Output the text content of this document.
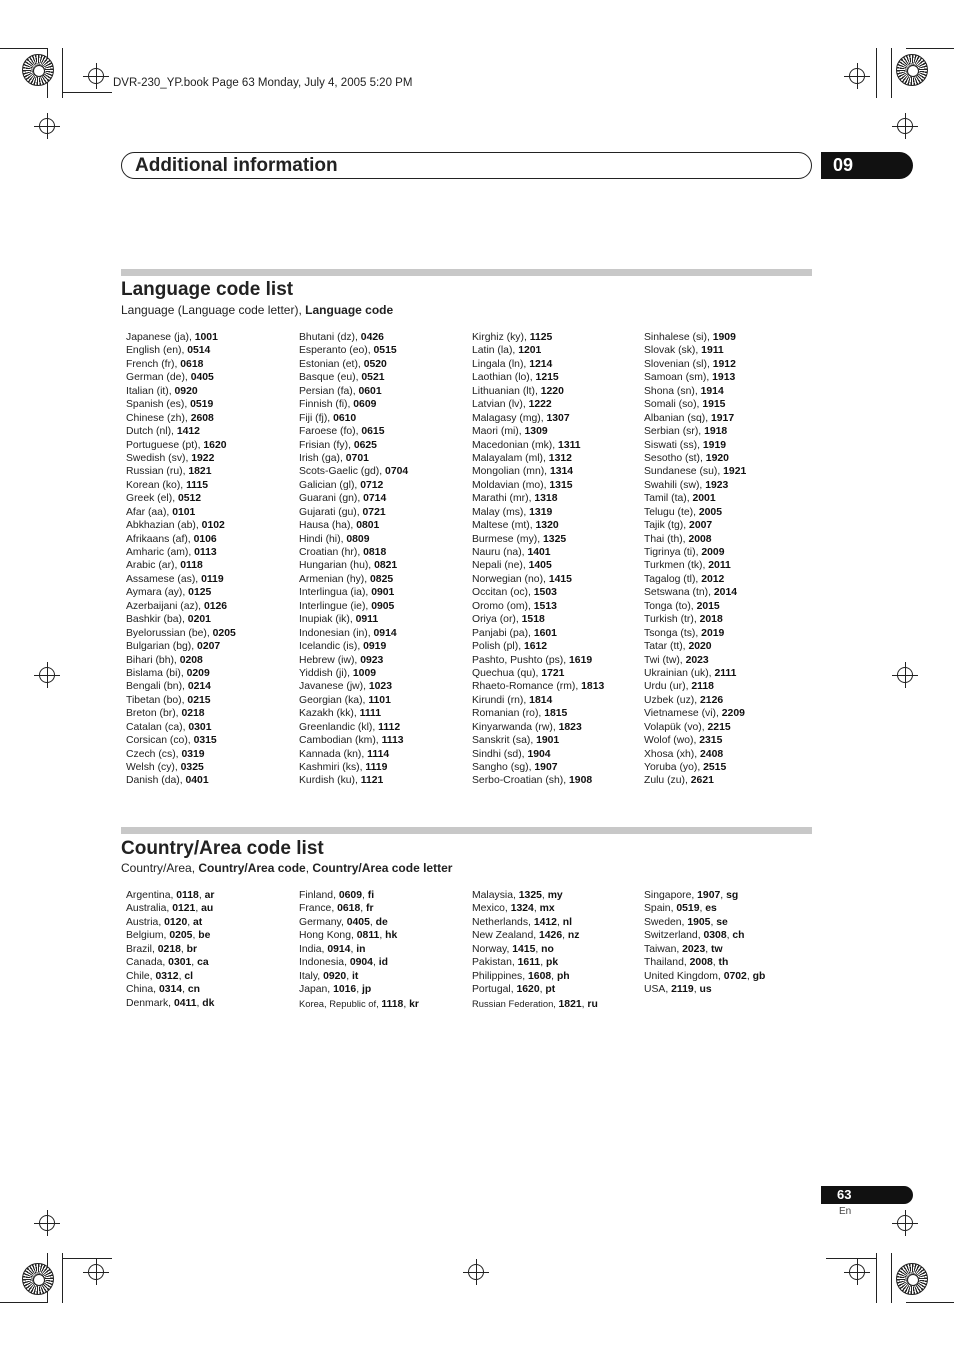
DVR-230_YP.book Page 63 Monday, July 4, 2005 5:20 PM
Additional information	09
Language code list
Language (Language code letter), Language code
Japanese (ja), 1001
English (en), 0514
French (fr), 0618
German (de), 0405
Italian (it), 0920
Spanish (es), 0519
Chinese (zh), 2608
Dutch (nl), 1412
Portuguese (pt), 1620
Swedish (sv), 1922
Russian (ru), 1821
Korean (ko), 1115
Greek (el), 0512
Afar (aa), 0101
Abkhazian (ab), 0102
Afrikaans (af), 0106
Amharic (am), 0113
Arabic (ar), 0118
Assamese (as), 0119
Aymara (ay), 0125
Azerbaijani (az), 0126
Bashkir (ba), 0201
Byelorussian (be), 0205
Bulgarian (bg), 0207
Bihari (bh), 0208
Bislama (bi), 0209
Bengali (bn), 0214
Tibetan (bo), 0215
Breton (br), 0218
Catalan (ca), 0301
Corsican (co), 0315
Czech (cs), 0319
Welsh (cy), 0325
Danish (da), 0401
Bhutani (dz), 0426
Esperanto (eo), 0515
Estonian (et), 0520
Basque (eu), 0521
Persian (fa), 0601
Finnish (fi), 0609
Fiji (fj), 0610
Faroese (fo), 0615
Frisian (fy), 0625
Irish (ga), 0701
Scots-Gaelic (gd), 0704
Galician (gl), 0712
Guarani (gn), 0714
Gujarati (gu), 0721
Hausa (ha), 0801
Hindi (hi), 0809
Croatian (hr), 0818
Hungarian (hu), 0821
Armenian (hy), 0825
Interlingua (ia), 0901
Interlingue (ie), 0905
Inupiak (ik), 0911
Indonesian (in), 0914
Icelandic (is), 0919
Hebrew (iw), 0923
Yiddish (ji), 1009
Javanese (jw), 1023
Georgian (ka), 1101
Kazakh (kk), 1111
Greenlandic (kl), 1112
Cambodian (km), 1113
Kannada (kn), 1114
Kashmiri (ks), 1119
Kurdish (ku), 1121
Kirghiz (ky), 1125
Latin (la), 1201
Lingala (ln), 1214
Laothian (lo), 1215
Lithuanian (lt), 1220
Latvian (lv), 1222
Malagasy (mg), 1307
Maori (mi), 1309
Macedonian (mk), 1311
Malayalam (ml), 1312
Mongolian (mn), 1314
Moldavian (mo), 1315
Marathi (mr), 1318
Malay (ms), 1319
Maltese (mt), 1320
Burmese (my), 1325
Nauru (na), 1401
Nepali (ne), 1405
Norwegian (no), 1415
Occitan (oc), 1503
Oromo (om), 1513
Oriya (or), 1518
Panjabi (pa), 1601
Polish (pl), 1612
Pashto, Pushto (ps), 1619
Quechua (qu), 1721
Rhaeto-Romance (rm), 1813
Kirundi (rn), 1814
Romanian (ro), 1815
Kinyarwanda (rw), 1823
Sanskrit (sa), 1901
Sindhi (sd), 1904
Sangho (sg), 1907
Serbo-Croatian (sh), 1908
Sinhalese (si), 1909
Slovak (sk), 1911
Slovenian (sl), 1912
Samoan (sm), 1913
Shona (sn), 1914
Somali (so), 1915
Albanian (sq), 1917
Serbian (sr), 1918
Siswati (ss), 1919
Sesotho (st), 1920
Sundanese (su), 1921
Swahili (sw), 1923
Tamil (ta), 2001
Telugu (te), 2005
Tajik (tg), 2007
Thai (th), 2008
Tigrinya (ti), 2009
Turkmen (tk), 2011
Tagalog (tl), 2012
Setswana (tn), 2014
Tonga (to), 2015
Turkish (tr), 2018
Tsonga (ts), 2019
Tatar (tt), 2020
Twi (tw), 2023
Ukrainian (uk), 2111
Urdu (ur), 2118
Uzbek (uz), 2126
Vietnamese (vi), 2209
Volapük (vo), 2215
Wolof (wo), 2315
Xhosa (xh), 2408
Yoruba (yo), 2515
Zulu (zu), 2621
Country/Area code list
Country/Area, Country/Area code, Country/Area code letter
Argentina, 0118, ar
Australia, 0121, au
Austria, 0120, at
Belgium, 0205, be
Brazil, 0218, br
Canada, 0301, ca
Chile, 0312, cl
China, 0314, cn
Denmark, 0411, dk
Finland, 0609, fi
France, 0618, fr
Germany, 0405, de
Hong Kong, 0811, hk
India, 0914, in
Indonesia, 0904, id
Italy, 0920, it
Japan, 1016, jp
Korea, Republic of, 1118, kr
Malaysia, 1325, my
Mexico, 1324, mx
Netherlands, 1412, nl
New Zealand, 1426, nz
Norway, 1415, no
Pakistan, 1611, pk
Philippines, 1608, ph
Portugal, 1620, pt
Russian Federation, 1821, ru
Singapore, 1907, sg
Spain, 0519, es
Sweden, 1905, se
Switzerland, 0308, ch
Taiwan, 2023, tw
Thailand, 2008, th
United Kingdom, 0702, gb
USA, 2119, us
63
En
